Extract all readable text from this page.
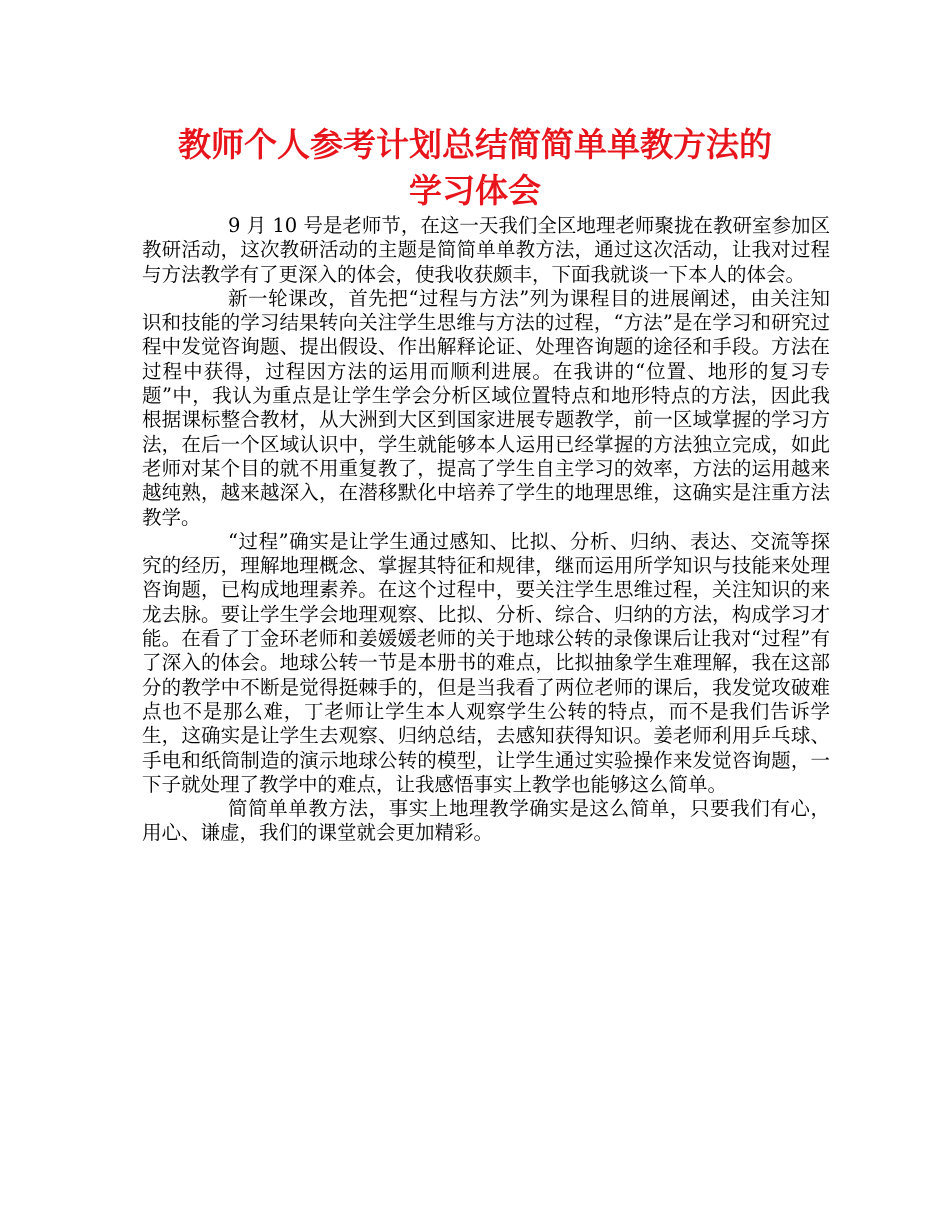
教师个人参考计划总结简简单单教方法的
学习体会

9 月 10 号是老师节，在这一天我们全区地理老师聚拢在教研室参加区教研活动，这次教研活动的主题是简简单单教方法，通过这次活动，让我对过程与方法教学有了更深入的体会，使我收获颇丰，下面我就谈一下本人的体会。

新一轮课改，首先把“过程与方法”列为课程目的进展阐述，由关注知识和技能的学习结果转向关注学生思维与方法的过程，“方法”是在学习和研究过程中发觉咨询题、提出假设、作出解释论证、处理咨询题的途径和手段。方法在过程中获得，过程因方法的运用而顺利进展。在我讲的“位置、地形的复习专题”中，我认为重点是让学生学会分析区域位置特点和地形特点的方法，因此我根据课标整合教材，从大洲到大区到国家进展专题教学，前一区域掌握的学习方法，在后一个区域认识中，学生就能够本人运用已经掌握的方法独立完成，如此老师对某个目的就不用重复教了，提高了学生自主学习的效率，方法的运用越来越纯熟，越来越深入，在潜移默化中培养了学生的地理思维，这确实是注重方法教学。

“过程”确实是让学生通过感知、比拟、分析、归纳、表达、交流等探究的经历，理解地理概念、掌握其特征和规律，继而运用所学知识与技能来处理咨询题，已构成地理素养。在这个过程中，要关注学生思维过程，关注知识的来龙去脉。要让学生学会地理观察、比拟、分析、综合、归纳的方法，构成学习才能。在看了丁金环老师和姜媛媛老师的关于地球公转的录像课后让我对“过程”有了深入的体会。地球公转一节是本册书的难点，比拟抽象学生难理解，我在这部分的教学中不断是觉得挺棘手的，但是当我看了两位老师的课后，我发觉攻破难点也不是那么难，丁老师让学生本人观察学生公转的特点，而不是我们告诉学生，这确实是让学生去观察、归纳总结，去感知获得知识。姜老师利用乒乓球、手电和纸筒制造的演示地球公转的模型，让学生通过实验操作来发觉咨询题，一下子就处理了教学中的难点，让我感悟事实上教学也能够这么简单。

简简单单教方法，事实上地理教学确实是这么简单，只要我们有心，用心、谦虚，我们的课堂就会更加精彩。
